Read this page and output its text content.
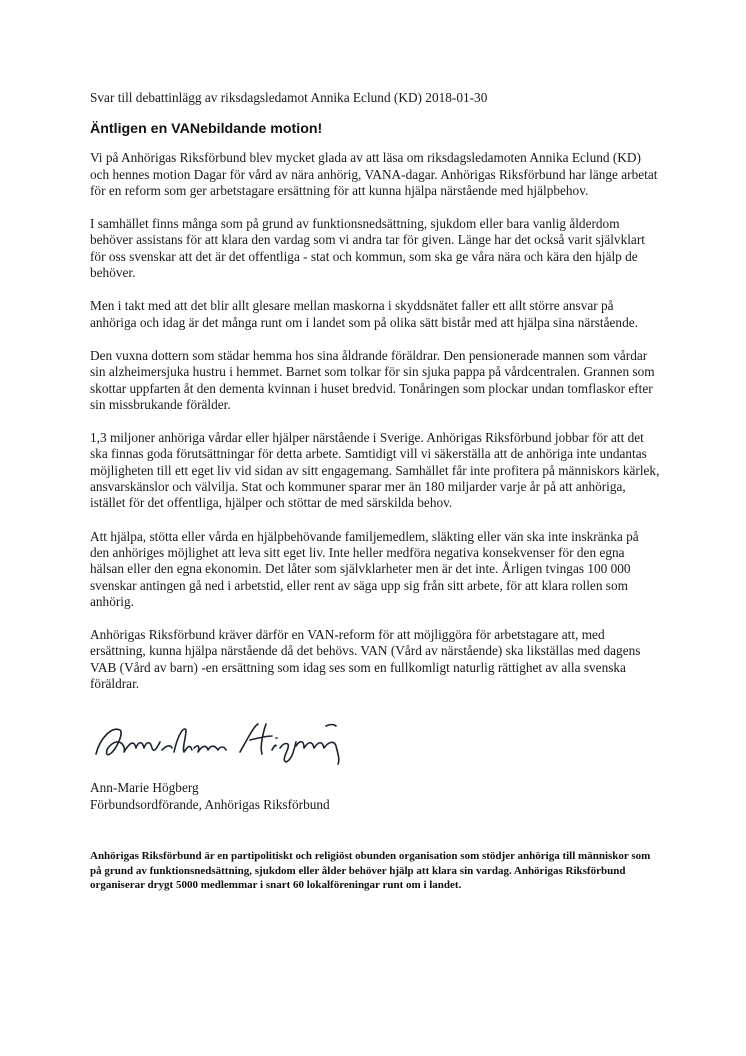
Svar till debattinlägg av riksdagsledamot Annika Eclund (KD) 2018-01-30

Äntligen en VANebildande motion!

Vi på Anhörigas Riksförbund blev mycket glada av att läsa om riksdagsledamoten Annika Eclund (KD) och hennes motion Dagar för vård av nära anhörig, VANA-dagar. Anhörigas Riksförbund har länge arbetat för en reform som ger arbetstagare ersättning för att kunna hjälpa närstående med hjälpbehov.

I samhället finns många som på grund av funktionsnedsättning, sjukdom eller bara vanlig ålderdom behöver assistans för att klara den vardag som vi andra tar för given. Länge har det också varit självklart för oss svenskar att det är det offentliga - stat och kommun, som ska ge våra nära och kära den hjälp de behöver.

Men i takt med att det blir allt glesare mellan maskorna i skyddsnätet faller ett allt större ansvar på anhöriga och idag är det många runt om i landet som på olika sätt bistår med att hjälpa sina närstående.

Den vuxna dottern som städar hemma hos sina åldrande föräldrar. Den pensionerade mannen som vårdar sin alzheimersjuka hustru i hemmet. Barnet som tolkar för sin sjuka pappa på vårdcentralen. Grannen som skottar uppfarten åt den dementa kvinnan i huset bredvid. Tonåringen som plockar undan tomflaskor efter sin missbrukande förälder.

1,3 miljoner anhöriga vårdar eller hjälper närstående i Sverige. Anhörigas Riksförbund jobbar för att det ska finnas goda förutsättningar för detta arbete. Samtidigt vill vi säkerställa att de anhöriga inte undantas möjligheten till ett eget liv vid sidan av sitt engagemang. Samhället får inte profitera på människors kärlek, ansvarskänslor och välvilja. Stat och kommuner sparar mer än 180 miljarder varje år på att anhöriga, istället för det offentliga, hjälper och stöttar de med särskilda behov.

Att hjälpa, stötta eller vårda en hjälpbehövande familjemedlem, släkting eller vän ska inte inskränka på den anhöriges möjlighet att leva sitt eget liv. Inte heller medföra negativa konsekvenser för den egna hälsan eller den egna ekonomin. Det låter som självklarheter men är det inte. Årligen tvingas 100 000 svenskar antingen gå ned i arbetstid, eller rent av säga upp sig från sitt arbete, för att klara rollen som anhörig.

Anhörigas Riksförbund kräver därför en VAN-reform för att möjliggöra för arbetstagare att, med ersättning, kunna hjälpa närstående då det behövs. VAN (Vård av närstående) ska likställas med dagens VAB (Vård av barn) -en ersättning som idag ses som en fullkomligt naturlig rättighet av alla svenska föräldrar.

Ann-Marie Högberg

Förbundsordförande, Anhörigas Riksförbund

Anhörigas Riksförbund är en partipolitiskt och religiöst obunden organisation som stödjer anhöriga till människor som på grund av funktionsnedsättning, sjukdom eller ålder behöver hjälp att klara sin vardag. Anhörigas Riksförbund organiserar drygt 5000 medlemmar i snart 60 lokalföreningar runt om i landet.
